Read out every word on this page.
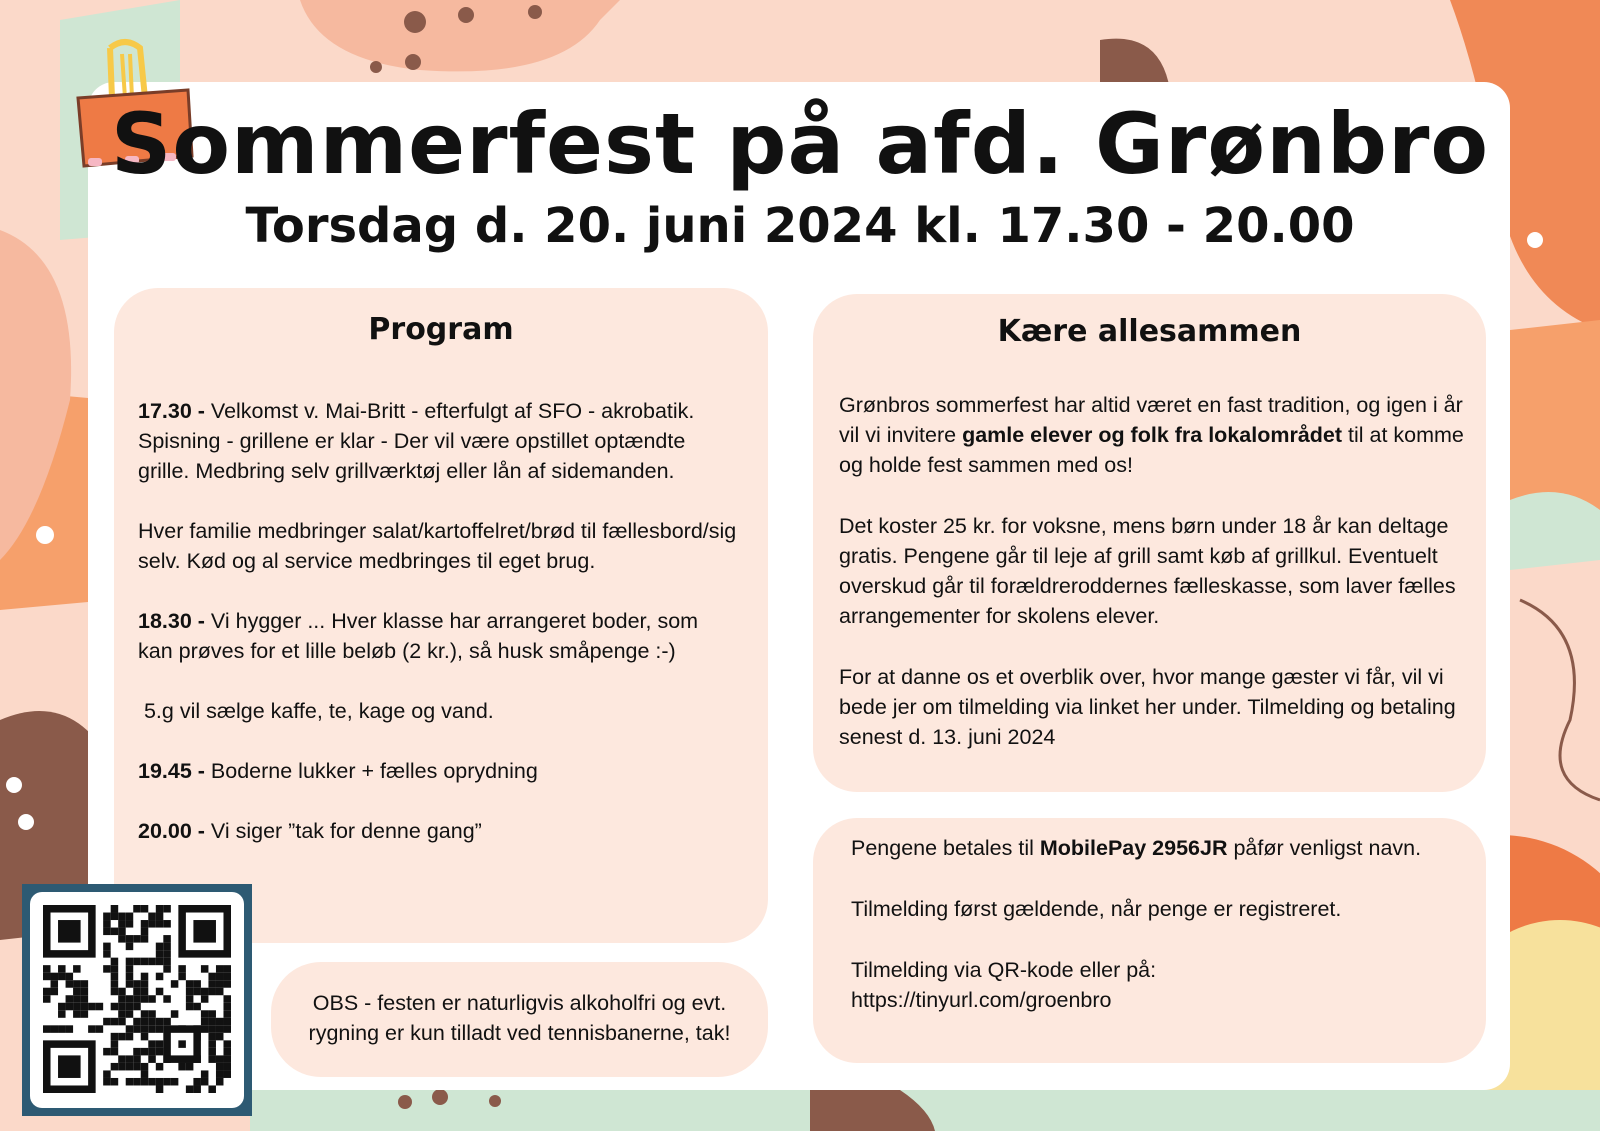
Sommerfest på afd. Grønbro
Torsdag d. 20. juni 2024 kl. 17.30 - 20.00
Program

17.30 - Velkomst v. Mai-Britt - efterfulgt af SFO - akrobatik. Spisning - grillene er klar - Der vil være opstillet optændte grille. Medbring selv grillværktøj eller lån af sidemanden.

Hver familie medbringer salat/kartoffelret/brød til fællesbord/sig selv. Kød og al service medbringes til eget brug.

18.30 - Vi hygger ... Hver klasse har arrangeret boder, som kan prøves for et lille beløb (2 kr.), så husk småpenge :-)

5.g vil sælge kaffe, te, kage og vand.

19.45 - Boderne lukker + fælles oprydning

20.00 - Vi siger ”tak for denne gang”

Kære allesammen

Grønbros sommerfest har altid været en fast tradition, og igen i år vil vi invitere gamle elever og folk fra lokalområdet til at komme og holde fest sammen med os!

Det koster 25 kr. for voksne, mens børn under 18 år kan deltage gratis. Pengene går til leje af grill samt køb af grillkul. Eventuelt overskud går til forældreroddernes fælleskasse, som laver fælles arrangementer for skolens elever.

For at danne os et overblik over, hvor mange gæster vi får, vil vi bede jer om tilmelding via linket her under. Tilmelding og betaling senest d. 13. juni 2024

Pengene betales til MobilePay 2956JR påfør venligst navn.

Tilmelding først gældende, når penge er registreret.

Tilmelding via QR-kode eller på:

https://tinyurl.com/groenbro

OBS - festen er naturligvis alkoholfri og evt. rygning er kun tilladt ved tennisbanerne, tak!
